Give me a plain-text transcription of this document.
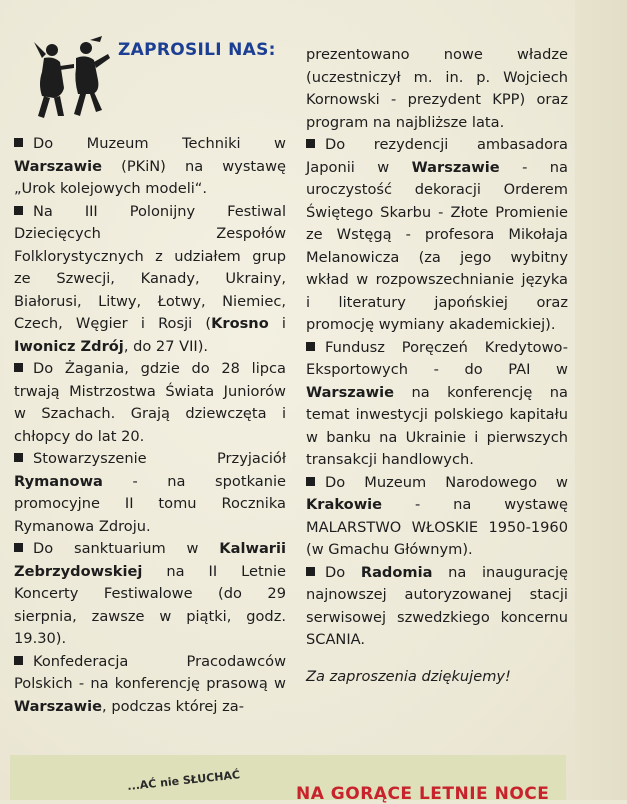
ZAPROSILI NAS:

Do Muzeum Techniki w Warszawie (PKiN) na wystawę „Urok kolejowych modeli“.

Na III Polonijny Festiwal Dziecięcych Zespołów Folklorystycznych z udziałem grup ze Szwecji, Kanady, Ukrainy, Białorusi, Litwy, Łotwy, Niemiec, Czech, Węgier i Rosji (Krosno i Iwonicz Zdrój, do 27 VII).

Do Żagania, gdzie do 28 lipca trwają Mistrzostwa Świata Juniorów w Szachach. Grają dziewczęta i chłopcy do lat 20.

Stowarzyszenie Przyjaciół Rymanowa - na spotkanie promocyjne II tomu Rocznika Rymanowa Zdroju.

Do sanktuarium w Kalwarii Zebrzydowskiej na II Letnie Koncerty Festiwalowe (do 29 sierpnia, zawsze w piątki, godz. 19.30).

Konfederacja Pracodawców Polskich - na konferencję prasową w Warszawie, podczas której za-

prezentowano nowe władze (uczestniczył m. in. p. Wojciech Kornowski - prezydent KPP) oraz program na najbliższe lata.

Do rezydencji ambasadora Japonii w Warszawie - na uroczystość dekoracji Orderem Świętego Skarbu - Złote Promienie ze Wstęgą - profesora Mikołaja Melanowicza (za jego wybitny wkład w rozpowszechnianie języka i literatury japońskiej oraz promocję wymiany akademickiej).

Fundusz Poręczeń Kredytowo-Eksportowych - do PAI w Warszawie na konferencję na temat inwestycji polskiego kapitału w banku na Ukrainie i pierwszych transakcji handlowych.

Do Muzeum Narodowego w Krakowie - na wystawę MALARSTWO WŁOSKIE 1950-1960 (w Gmachu Głównym).

Do Radomia na inaugurację najnowszej autoryzowanej stacji serwisowej szwedzkiego koncernu SCANIA.

Za zaproszenia dziękujemy!

...AĆ nie SŁUCHAĆ
NA GORĄCE LETNIE NOCE
